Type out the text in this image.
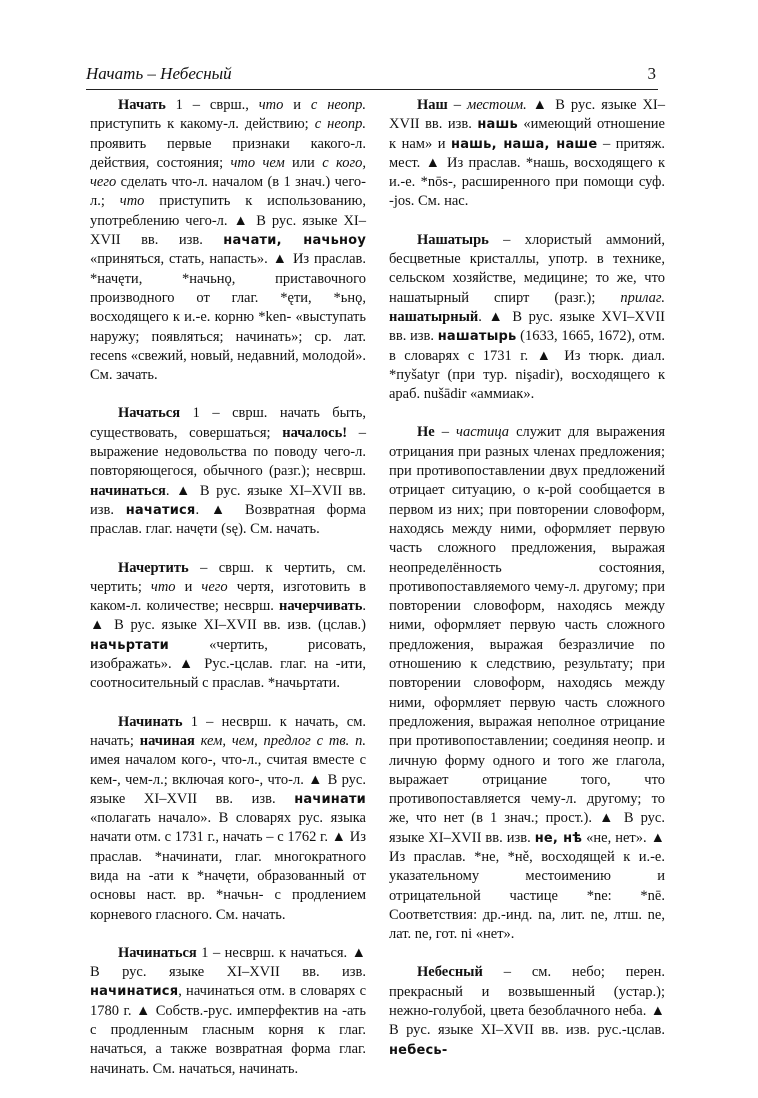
Начать – Небесный	3

Начать 1 – сврш., что и с неопр. приступить к какому-л. действию; с неопр. проявить первые признаки какого-л. действия, состояния; что чем или с кого, чего сделать что-л. началом (в 1 знач.) чего-л.; что приступить к использованию, употреблению чего-л. ▲ В рус. языке XI–XVII вв. изв. начати, начьноу «приняться, стать, напасть». ▲ Из праслав. *начęти, *начьнǫ, приставочного производного от глаг. *ęти, *ьнǫ, восходящего к и.-е. корню *ken- «выступать наружу; появляться; начинать»; ср. лат. recens «свежий, новый, недавний, молодой». См. зачать.

Начаться 1 – сврш. начать быть, существовать, совершаться; началось! – выражение недовольства по поводу чего-л. повторяющегося, обычного (разг.); несврш. начинаться. ▲ В рус. языке XI–XVII вв. изв. начатися. ▲ Возвратная форма праслав. глаг. начęти (sę). См. начать.

Начертить – сврш. к чертить, см. чертить; что и чего чертя, изготовить в каком-л. количестве; несврш. начерчивать. ▲ В рус. языке XI–XVII вв. изв. (цслав.) начьртати «чертить, рисовать, изображать». ▲ Рус.-цслав. глаг. на -ити, соотносительный с праслав. *начьртати.

Начинать 1 – несврш. к начать, см. начать; начиная кем, чем, предлог с тв. п. имея началом кого-, что-л., считая вместе с кем-, чем-л.; включая кого-, что-л. ▲ В рус. языке XI–XVII вв. изв. начинати «полагать начало». В словарях рус. языка начати отм. с 1731 г., начать – с 1762 г. ▲ Из праслав. *начинати, глаг. многократного вида на -ати к *начęти, образованный от основы наст. вр. *начьн- с продлением корневого гласного. См. начать.

Начинаться 1 – несврш. к начаться. ▲ В рус. языке XI–XVII вв. изв. начинатися, начинаться отм. в словарях с 1780 г. ▲ Собств.-рус. имперфектив на -ать с продленным гласным корня к глаг. начаться, а также возвратная форма глаг. начинать. См. начаться, начинать.

Наш – местоим. ▲ В рус. языке XI–XVII вв. изв. нашь «имеющий отношение к нам» и нашь, наша, наше – притяж. мест. ▲ Из праслав. *нашь, восходящего к и.-е. *nōs-, расширенного при помощи суф. -jos. См. нас.

Нашатырь – хлористый аммоний, бесцветные кристаллы, употр. в технике, сельском хозяйстве, медицине; то же, что нашатырный спирт (разг.); прилаг. нашатырный. ▲ В рус. языке XVI–XVII вв. изв. нашатырь (1633, 1665, 1672), отм. в словарях с 1731 г. ▲ Из тюрк. диал. *пуšatyr (при тур. nişadir), восходящего к араб. nušādir «аммиак».

Не – частица служит для выражения отрицания при разных членах предложения; при противопоставлении двух предложений отрицает ситуацию, о к-рой сообщается в первом из них; при повторении словоформ, находясь между ними, оформляет первую часть сложного предложения, выражая неопределённость состояния, противопоставляемого чему-л. другому; при повторении словоформ, находясь между ними, оформляет первую часть сложного предложения, выражая безразличие по отношению к следствию, результату; при повторении словоформ, находясь между ними, оформляет первую часть сложного предложения, выражая неполное отрицание при противопоставлении; соединяя неопр. и личную форму одного и того же глагола, выражает отрицание того, что противопоставляется чему-л. другому; то же, что нет (в 1 знач.; прост.). ▲ В рус. языке XI–XVII вв. изв. не, нѣ «не, нет». ▲ Из праслав. *не, *нě, восходящей к и.-е. указательному местоимению и отрицательной частице *ne: *nē. Соответствия: др.-инд. na, лит. ne, лтш. ne, лат. ne, гот. ni «нет».

Небесный – см. небо; перен. прекрасный и возвышенный (устар.); нежно-голубой, цвета безоблачного неба. ▲ В рус. языке XI–XVII вв. изв. рус.-цслав. небесь-
